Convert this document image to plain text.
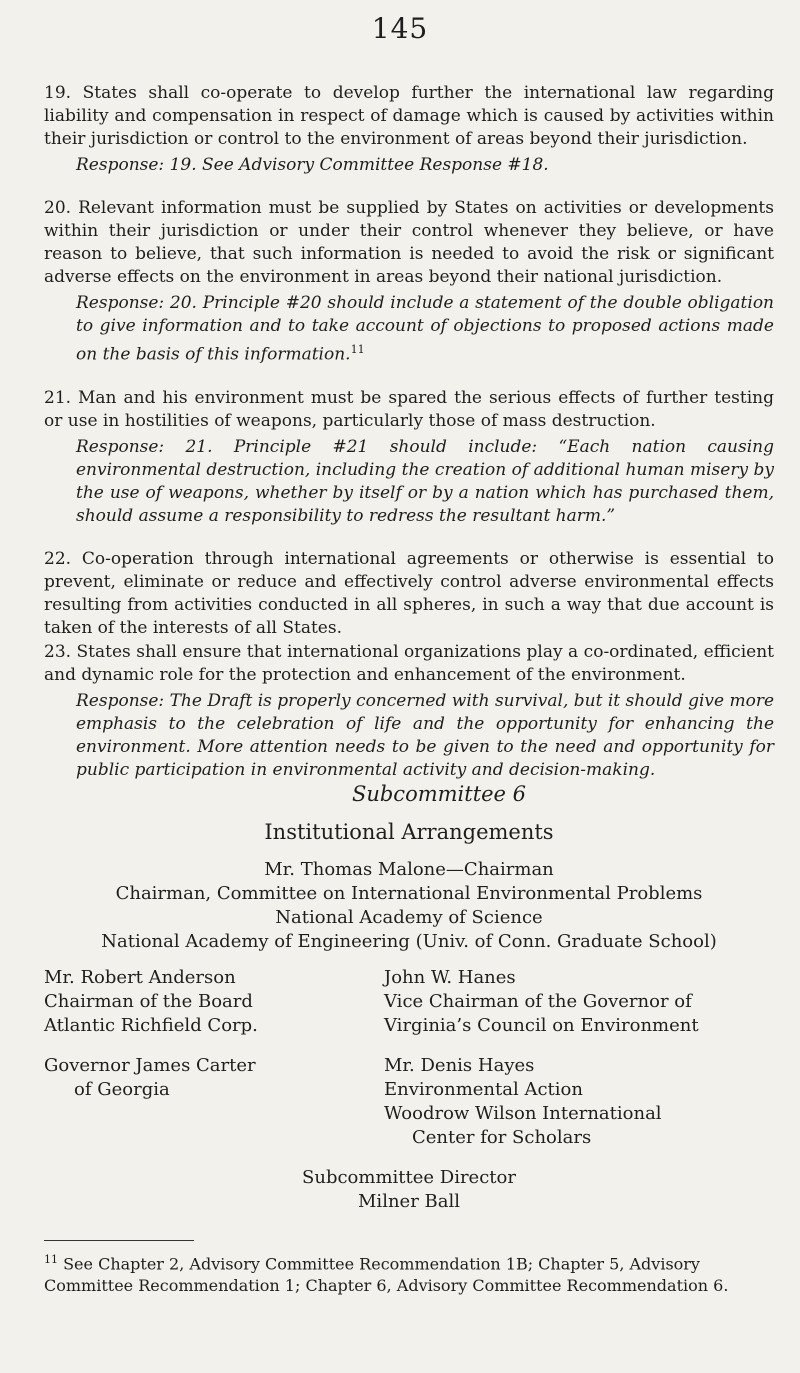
145

19. States shall co-operate to develop further the international law regarding liability and compensation in respect of damage which is caused by activities within their jurisdiction or control to the environment of areas beyond their jurisdiction.

Response: 19. See Advisory Committee Response #18.

20. Relevant information must be supplied by States on activities or developments within their jurisdiction or under their control whenever they believe, or have reason to believe, that such information is needed to avoid the risk or significant adverse effects on the environment in areas beyond their national jurisdiction.

Response: 20. Principle #20 should include a statement of the double obligation to give information and to take account of objections to proposed actions made on the basis of this information.$^{11}$

21. Man and his environment must be spared the serious effects of further testing or use in hostilities of weapons, particularly those of mass destruction.

Response: 21. Principle #21 should include: “Each nation causing environmental destruction, including the creation of additional human misery by the use of weapons, whether by itself or by a nation which has purchased them, should assume a responsibility to redress the resultant harm.”

22. Co-operation through international agreements or otherwise is essential to prevent, eliminate or reduce and effectively control adverse environmental effects resulting from activities conducted in all spheres, in such a way that due account is taken of the interests of all States.

23. States shall ensure that international organizations play a co-ordinated, efficient and dynamic role for the protection and enhancement of the environment.

Response: The Draft is properly concerned with survival, but it should give more emphasis to the celebration of life and the opportunity for enhancing the environment. More attention needs to be given to the need and opportunity for public participation in environmental activity and decision-making.

Subcommittee 6

Institutional Arrangements

Mr. Thomas Malone—Chairman

Chairman, Committee on International Environmental Problems

National Academy of Science

National Academy of Engineering (Univ. of Conn. Graduate School)

Mr. Robert Anderson
Chairman of the Board
Atlantic Richfield Corp.
Governor James Carter
of Georgia
John W. Hanes
Vice Chairman of the Governor of
Virginia’s Council on Environment
Mr. Denis Hayes
Environmental Action
Woodrow Wilson International
Center for Scholars

Subcommittee Director

Milner Ball

$^{11}$ See Chapter 2, Advisory Committee Recommendation 1B; Chapter 5, Advisory Committee Recommendation 1; Chapter 6, Advisory Committee Recommendation 6.
